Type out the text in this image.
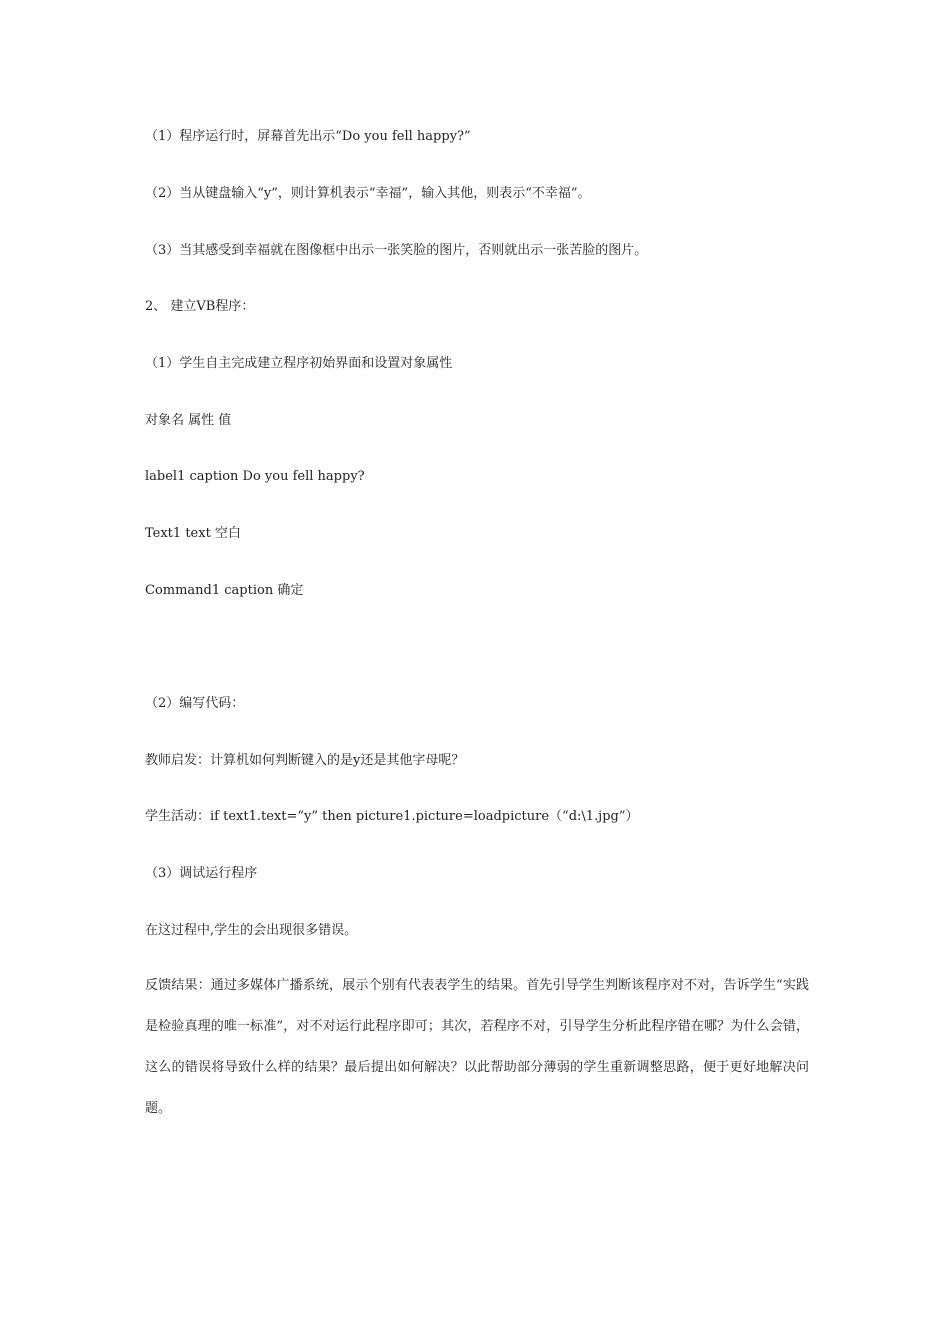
（1）程序运行时，屏幕首先出示“Do you fell happy?”
（2）当从键盘输入“y”，则计算机表示“幸福”，输入其他，则表示“不幸福”。
（3）当其感受到幸福就在图像框中出示一张笑脸的图片，否则就出示一张苦脸的图片。
2、 建立VB程序：
（1）学生自主完成建立程序初始界面和设置对象属性
对象名 属性 值
label1 caption Do you fell happy?
Text1 text 空白
Command1 caption 确定
（2）编写代码：
教师启发：计算机如何判断键入的是y还是其他字母呢？
学生活动：if text1.text=“y” then picture1.picture=loadpicture（“d:\1.jpg”）
（3）调试运行程序
在这过程中,学生的会出现很多错误。
反馈结果：通过多媒体广播系统，展示个别有代表表学生的结果。首先引导学生判断该程序对不对，告诉学生“实践是检验真理的唯一标准”，对不对运行此程序即可；其次，若程序不对，引导学生分析此程序错在哪？为什么会错，这么的错误将导致什么样的结果？最后提出如何解决？以此帮助部分薄弱的学生重新调整思路，便于更好地解决问题。
